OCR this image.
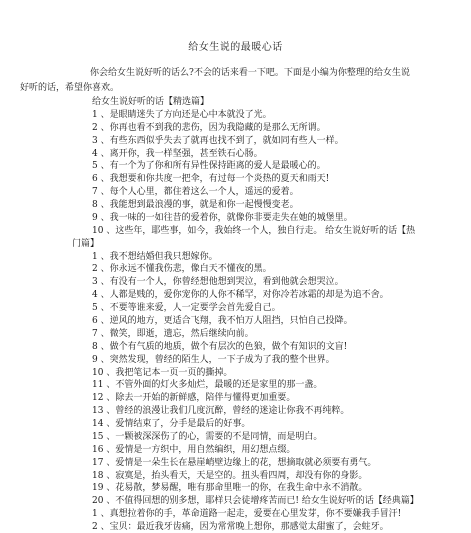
给女生说的最暖心话
你会给女生说好听的话么?不会的话来看一下吧。下面是小编为你整理的给女生说
好听的话，希望你喜欢。
给女生说好听的话【精选篇】
1 、是眼睛迷失了方向还是心中本就没了光。
2 、你再也看不到我的悲伤，因为我隐藏的是那么无所谓。
3 、有些东西似乎失去了就再也找不到了，就如同有些人一样。
4 、离开你，我一样坚强，甚至铁石心肠。
5 、有一个为了你和所有异性保持距离的爱人是最暖心的。
6 、我想要和你共度一把伞，有过每一个炎热的夏天和雨天!
7 、每个人心里，都住着这么一个人，遥远的爱着。
8 、我能想到最浪漫的事，就是和你一起慢慢变老。
9 、我一味的一如往昔的爱着你，就像你非要走失在她的城堡里。
10 、这些年，耶些事，如今，我始终一个人，独自行走。 给女生说好听的话【热
门篇】
1 、我不想结婚但我只想嫁你。
2 、你永远不懂我伤悲，像白天不懂夜的黑。
3 、有没有一个人，你曾经想他想到哭泣，看到他就会想哭泣。
4 、人都是贱的，爱你宠你的人你不稀罕，对你冷若冰霜的却是为追不舍。
5 、不要等谁来爱，人一定要学会首先爱自己。
6 、逆风的地方，更适合飞翔，我不怕万人阻挡，只怕自己投降。
7 、微笑，即逝，遗忘，然后继续向前。
8 、做个有气质的地质，做个有层次的色狼，做个有知识的文盲!
9 、突然发现，曾经的陌生人，一下子成为了我的整个世界。
10 、我把笔记本一页一页的撕掉。
11 、不管外面的灯火多灿烂，最暖的还是家里的那一盏。
12 、除去一开始的新鲜感，陪伴与懂得更加重要。
13 、曾经的浪漫让我们几度沉醉，曾经的迷途让你我不再纯粹。
14 、爱情结束了，分手是最后的好事。
15 、一颗被深深伤了的心，需要的不是同情，而是明白。
16 、爱情是一方织中，用自然编织，用幻想点缀。
17 、爱情是一朵生长在悬崖峭壁边缘上的花，想摘取就必须要有勇气。
18 、寂寞是，抬头看天，天是空的。扭头看四周，却没有你的身影。
19 、花易散，梦易醒，唯有那命里唯一的你，在我生命中永不消散。
20 、不值得回想的别多想，耶样只会徒增疼苦而已! 给女生说好听的话【经典篇】
1 、真想拉着你的手，革命道路一起走，爱要在心里发芽，你不要嫌我手冒汗!
2 、宝贝：最近我牙齿痛，因为常常晚上想你，那感觉太甜蜜了，会蛀牙。
